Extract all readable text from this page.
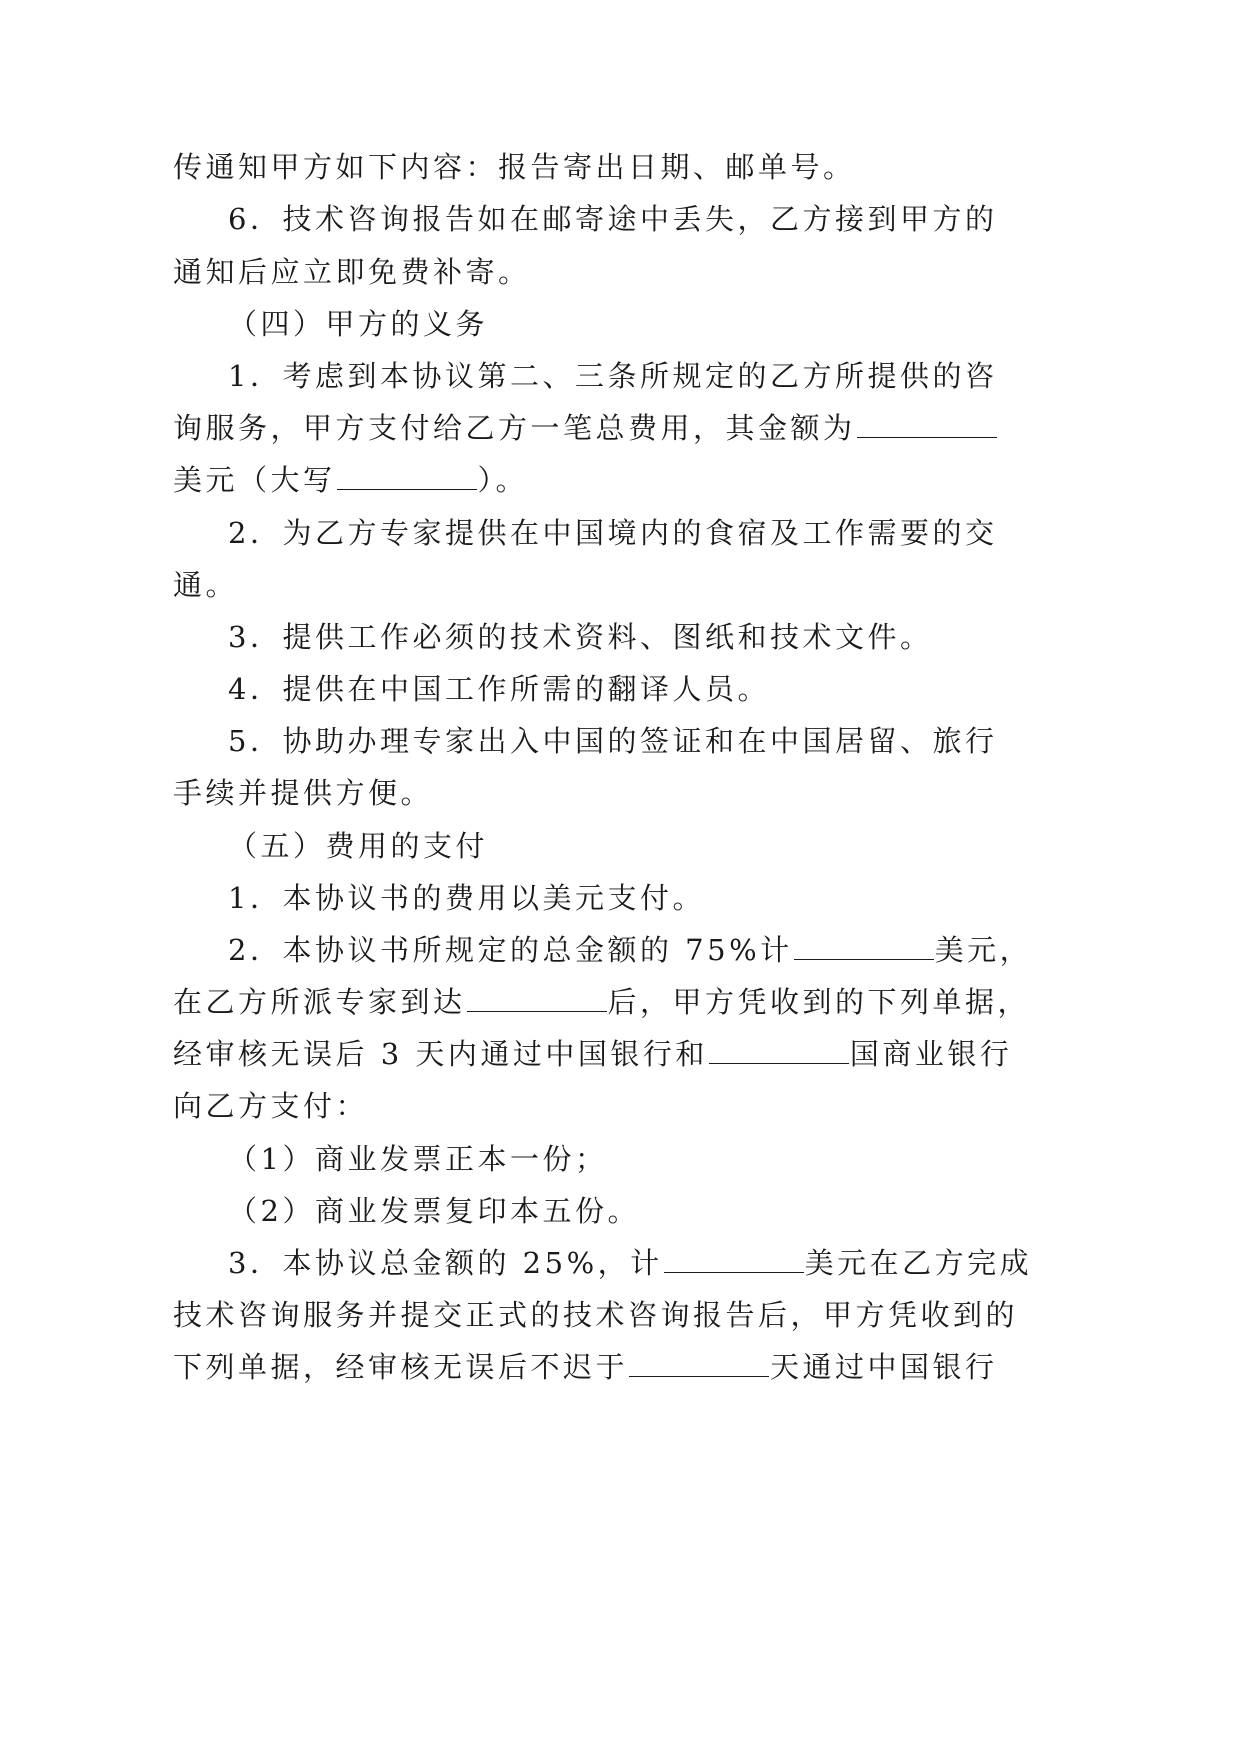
传通知甲方如下内容：报告寄出日期、邮单号。
6．技术咨询报告如在邮寄途中丢失，乙方接到甲方的
通知后应立即免费补寄。
（四）甲方的义务
1．考虑到本协议第二、三条所规定的乙方所提供的咨
询服务，甲方支付给乙方一笔总费用，其金额为
美元（大写	）。
2．为乙方专家提供在中国境内的食宿及工作需要的交
通。
3．提供工作必须的技术资料、图纸和技术文件。
4．提供在中国工作所需的翻译人员。
5．协助办理专家出入中国的签证和在中国居留、旅行
手续并提供方便。
（五）费用的支付
1．本协议书的费用以美元支付。
2．本协议书所规定的总金额的 75%计	美元，
在乙方所派专家到达	后，甲方凭收到的下列单据，
经审核无误后 3 天内通过中国银行和	国商业银行
向乙方支付：
（1）商业发票正本一份；
（2）商业发票复印本五份。
3．本协议总金额的 25%，计	美元在乙方完成
技术咨询服务并提交正式的技术咨询报告后，甲方凭收到的
下列单据，经审核无误后不迟于	天通过中国银行
